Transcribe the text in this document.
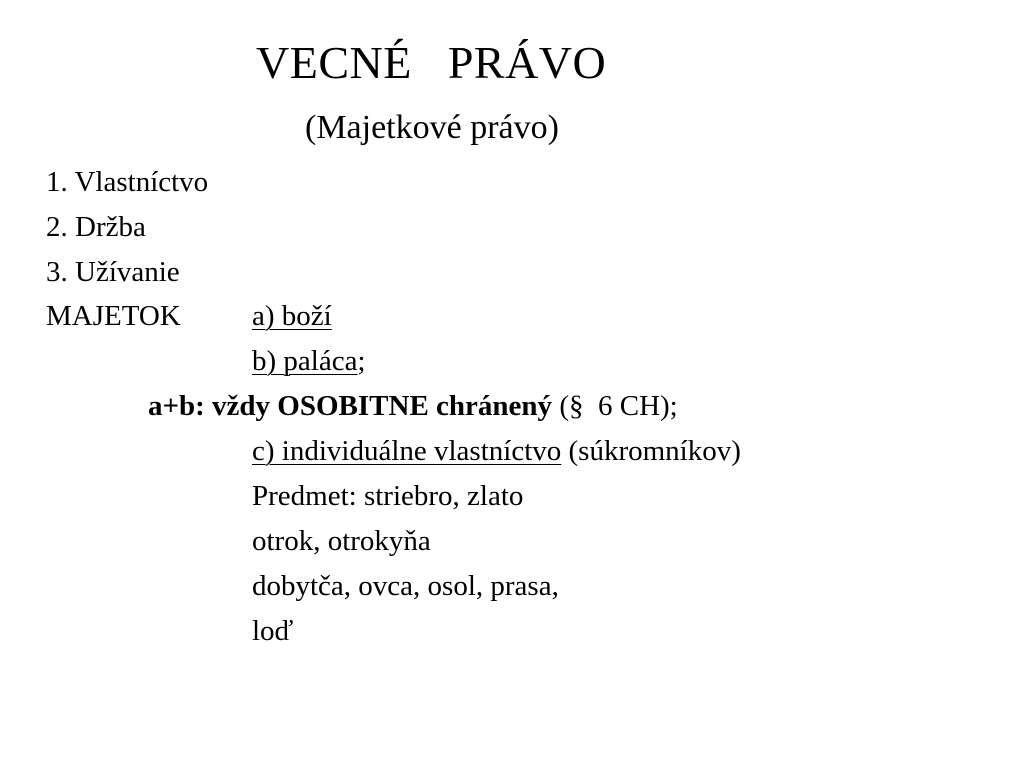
VECNÉ   PRÁVO
(Majetkové právo)
1. Vlastníctvo
2. Držba
3. Užívanie
MAJETOK a) boží
b) paláca;
a+b: vždy OSOBITNE chránený (§  6 CH);
c) individuálne vlastníctvo (súkromníkov)
Predmet: striebro, zlato
otrok, otrokyňa
dobytča, ovca, osol, prasa,
loď
